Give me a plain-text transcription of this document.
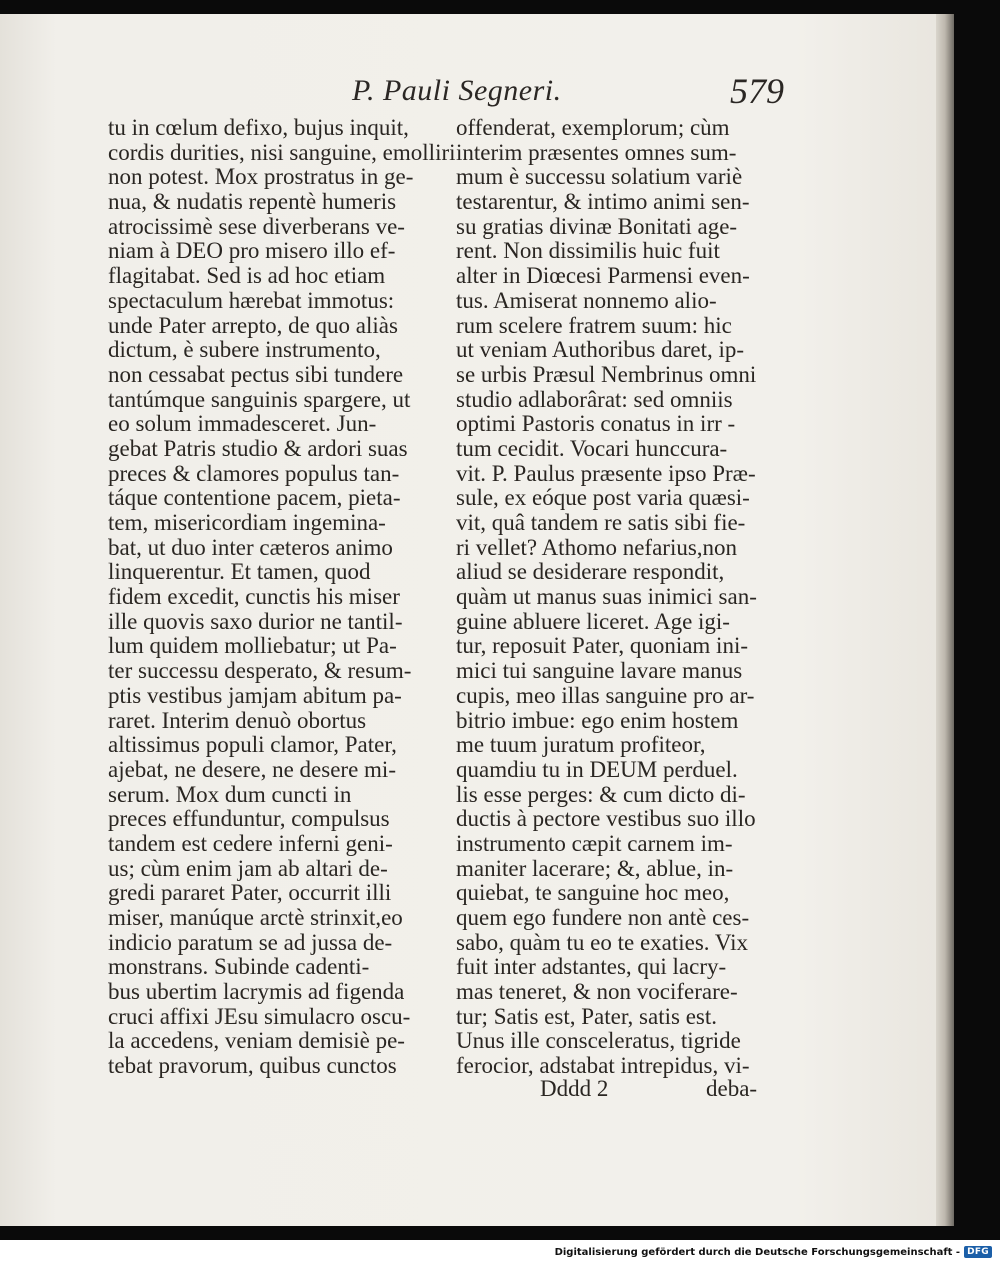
P. Pauli Segneri.	579
tu in cœlum defixo, bujus inquit,
cordis durities, nisi sanguine, emolliri
non potest. Mox prostratus in ge-
nua, & nudatis repentè humeris
atrocissimè sese diverberans ve-
niam à DEO pro misero illo ef-
flagitabat. Sed is ad hoc etiam
spectaculum hærebat immotus:
unde Pater arrepto, de quo aliàs
dictum, è subere instrumento,
non cessabat pectus sibi tundere
tantúmque sanguinis spargere, ut
eo solum immadesceret. Jun-
gebat Patris studio & ardori suas
preces & clamores populus tan-
táque contentione pacem, pieta-
tem, misericordiam ingemina-
bat, ut duo inter cæteros animo
linquerentur. Et tamen, quod
fidem excedit, cunctis his miser
ille quovis saxo durior ne tantil-
lum quidem molliebatur; ut Pa-
ter successu desperato, & resum-
ptis vestibus jamjam abitum pa-
raret. Interim denuò obortus
altissimus populi clamor, Pater,
ajebat, ne desere, ne desere mi-
serum. Mox dum cuncti in
preces effunduntur, compulsus
tandem est cedere inferni geni-
us; cùm enim jam ab altari de-
gredi pararet Pater, occurrit illi
miser, manúque arctè strinxit,eo
indicio paratum se ad jussa de-
monstrans. Subinde cadenti-
bus ubertim lacrymis ad figenda
cruci affixi JEsu simulacro oscu-
la accedens, veniam demisiè pe-
tebat pravorum, quibus cunctos
offenderat, exemplorum; cùm
interim præsentes omnes sum-
mum è successu solatium variè
testarentur, & intimo animi sen-
su gratias divinæ Bonitati age-
rent. Non dissimilis huic fuit
alter in Diœcesi Parmensi even-
tus. Amiserat nonnemo alio-
rum scelere fratrem suum: hic
ut veniam Authoribus daret, ip-
se urbis Præsul Nembrinus omni
studio adlaborârat: sed omniis
optimi Pastoris conatus in irr -
tum cecidit. Vocari hunccura-
vit. P. Paulus præsente ipso Præ-
sule, ex eóque post varia quæsi-
vit, quâ tandem re satis sibi fie-
ri vellet? Athomo nefarius,non
aliud se desiderare respondit,
quàm ut manus suas inimici san-
guine abluere liceret. Age igi-
tur, reposuit Pater, quoniam ini-
mici tui sanguine lavare manus
cupis, meo illas sanguine pro ar-
bitrio imbue: ego enim hostem
me tuum juratum profiteor,
quamdiu tu in DEUM perduel.
lis esse perges: & cum dicto di-
ductis à pectore vestibus suo illo
instrumento cæpit carnem im-
maniter lacerare; &, ablue, in-
quiebat, te sanguine hoc meo,
quem ego fundere non antè ces-
sabo, quàm tu eo te exaties. Vix
fuit inter adstantes, qui lacry-
mas teneret, & non vociferare-
tur; Satis est, Pater, satis est.
Unus ille consceleratus, tigride
ferocior, adstabat intrepidus, vi-
Dddd 2	deba-
Digitalisierung gefördert durch die Deutsche Forschungsgemeinschaft - DFG
